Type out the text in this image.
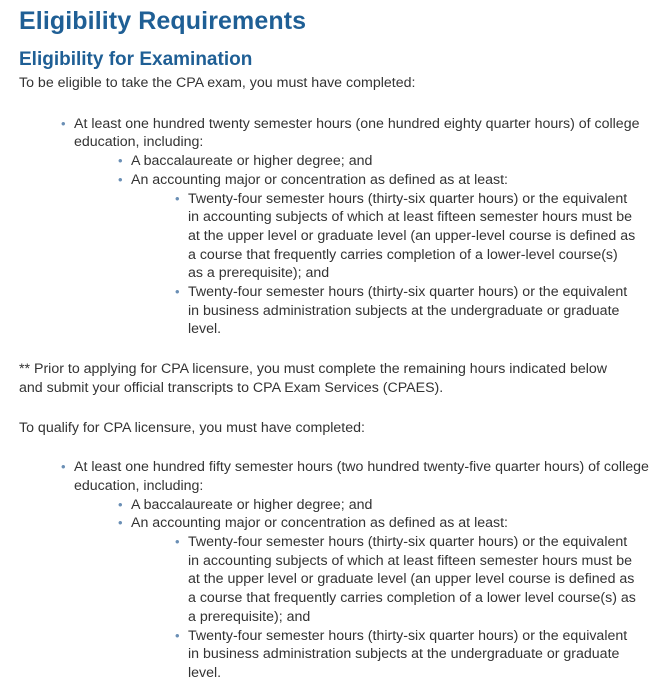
Eligibility Requirements
Eligibility for Examination

To be eligible to take the CPA exam, you must have completed:

• At least one hundred twenty semester hours (one hundred eighty quarter hours) of college education, including:
• A baccalaureate or higher degree; and
• An accounting major or concentration as defined as at least:
• Twenty-four semester hours (thirty-six quarter hours) or the equivalent in accounting subjects of which at least fifteen semester hours must be at the upper level or graduate level (an upper-level course is defined as a course that frequently carries completion of a lower-level course(s) as a prerequisite); and
• Twenty-four semester hours (thirty-six quarter hours) or the equivalent in business administration subjects at the undergraduate or graduate level.

** Prior to applying for CPA licensure, you must complete the remaining hours indicated below and submit your official transcripts to CPA Exam Services (CPAES).

To qualify for CPA licensure, you must have completed:

• At least one hundred fifty semester hours (two hundred twenty-five quarter hours) of college education, including:
• A baccalaureate or higher degree; and
• An accounting major or concentration as defined as at least:
• Twenty-four semester hours (thirty-six quarter hours) or the equivalent in accounting subjects of which at least fifteen semester hours must be at the upper level or graduate level (an upper level course is defined as a course that frequently carries completion of a lower level course(s) as a prerequisite); and
• Twenty-four semester hours (thirty-six quarter hours) or the equivalent in business administration subjects at the undergraduate or graduate level.
